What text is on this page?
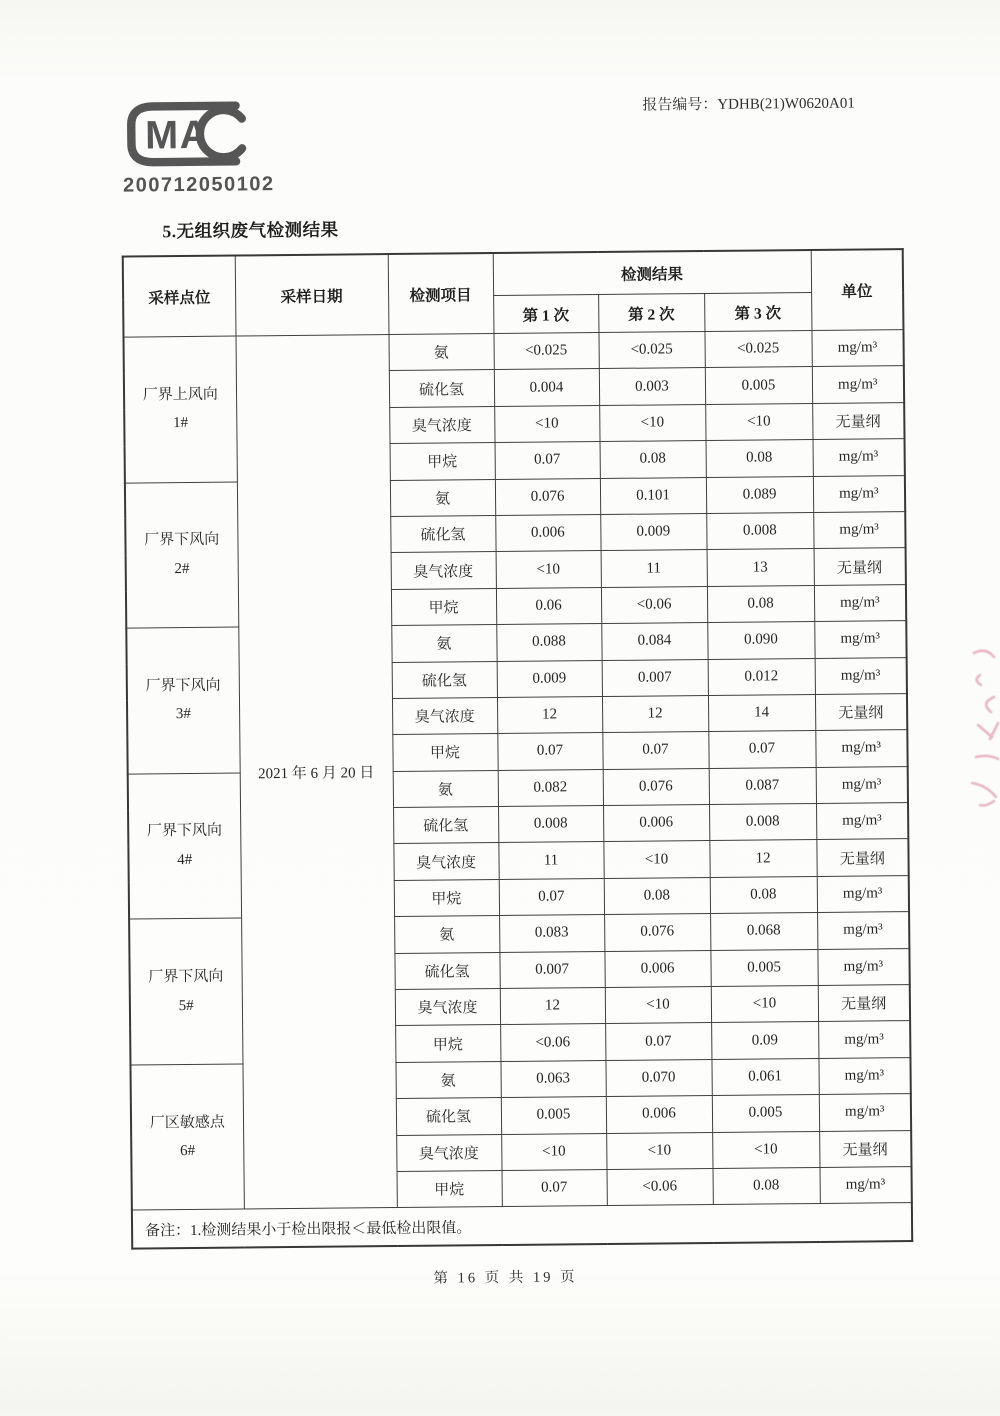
MA
200712050102
报告编号：YDHB(21)W0620A01
5.无组织废气检测结果
采样点位	采样日期	检测项目	检测结果			单位
			第 1 次	第 2 次	第 3 次	

厂界上风向
1#	2021 年 6 月 20 日	氨	<0.025	<0.025	<0.025	mg/m³
		硫化氢	0.004	0.003	0.005	mg/m³
		臭气浓度	<10	<10	<10	无量纲
		甲烷	0.07	0.08	0.08	mg/m³

厂界下风向
2#		氨	0.076	0.101	0.089	mg/m³
		硫化氢	0.006	0.009	0.008	mg/m³
		臭气浓度	<10	11	13	无量纲
		甲烷	0.06	<0.06	0.08	mg/m³

厂界下风向
3#		氨	0.088	0.084	0.090	mg/m³
		硫化氢	0.009	0.007	0.012	mg/m³
		臭气浓度	12	12	14	无量纲
		甲烷	0.07	0.07	0.07	mg/m³

厂界下风向
4#		氨	0.082	0.076	0.087	mg/m³
		硫化氢	0.008	0.006	0.008	mg/m³
		臭气浓度	11	<10	12	无量纲
		甲烷	0.07	0.08	0.08	mg/m³

厂界下风向
5#		氨	0.083	0.076	0.068	mg/m³
		硫化氢	0.007	0.006	0.005	mg/m³
		臭气浓度	12	<10	<10	无量纲
		甲烷	<0.06	0.07	0.09	mg/m³

厂区敏感点
6#		氨	0.063	0.070	0.061	mg/m³
		硫化氢	0.005	0.006	0.005	mg/m³
		臭气浓度	<10	<10	<10	无量纲
		甲烷	0.07	<0.06	0.08	mg/m³
备注：1.检测结果小于检出限报＜最低检出限值。						
第 16 页 共 19 页
